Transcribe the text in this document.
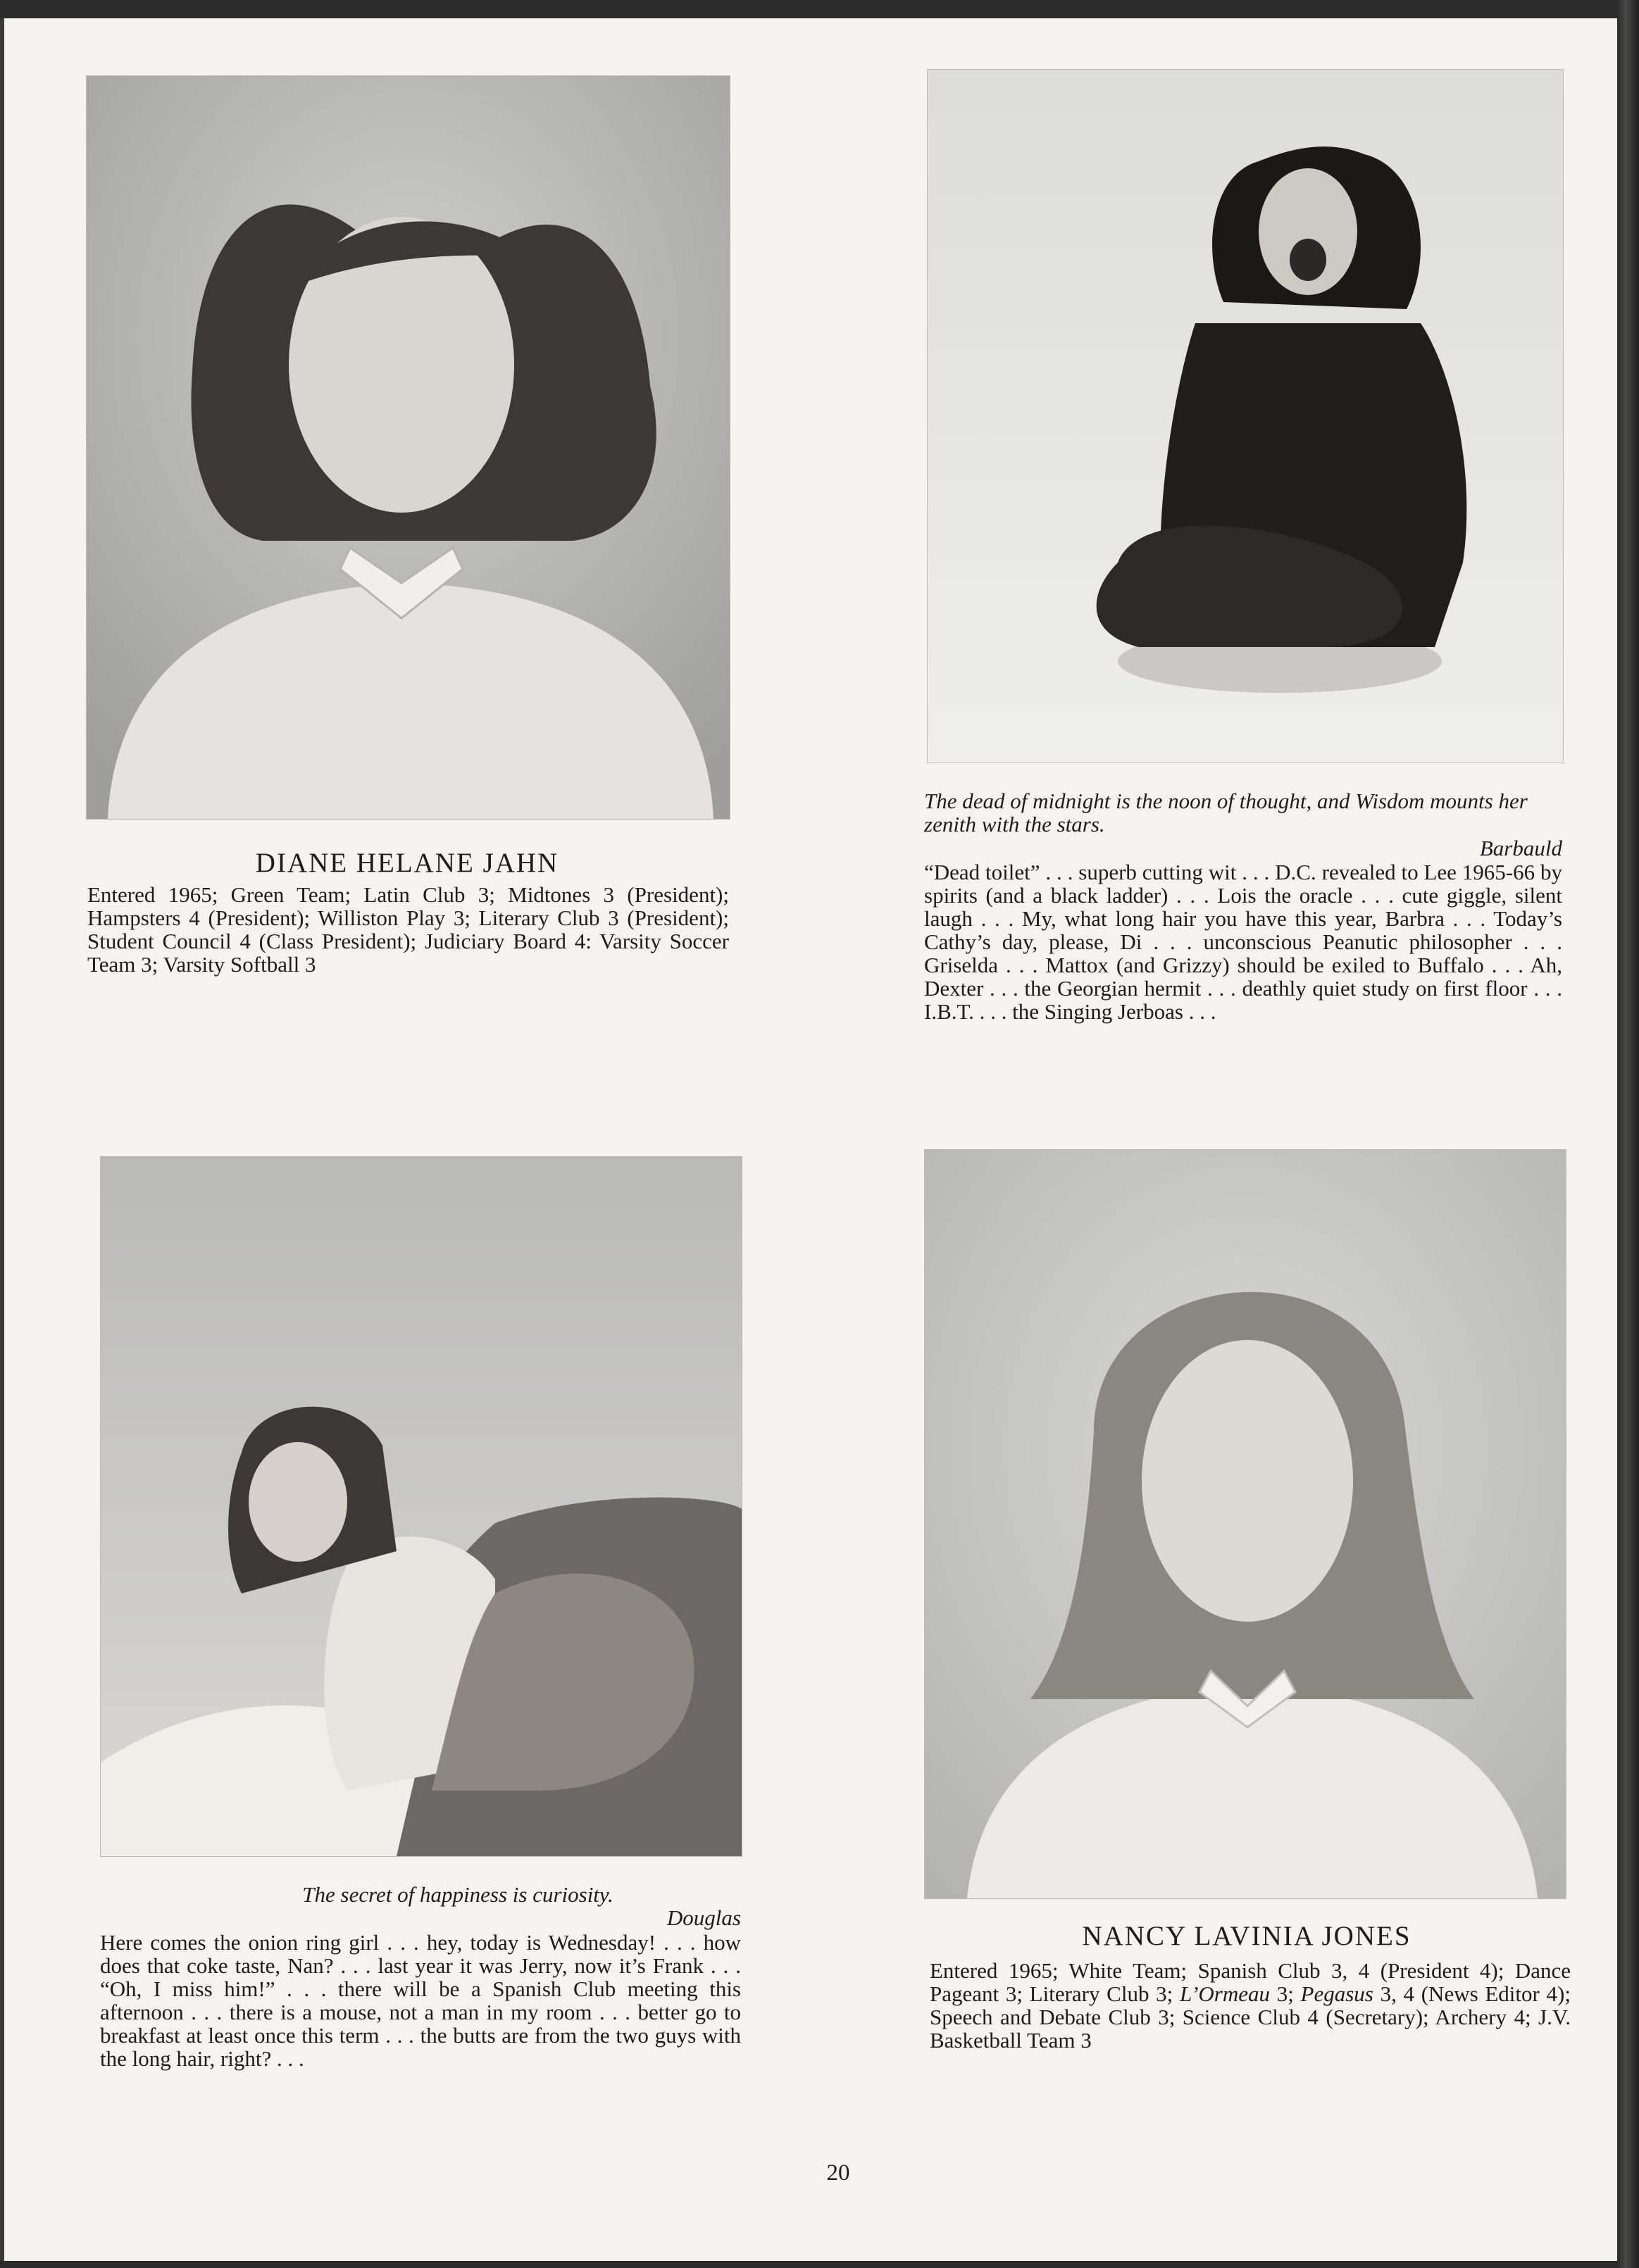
DIANE HELANE JAHN

Entered 1965; Green Team; Latin Club 3; Midtones 3 (President); Hampsters 4 (President); Williston Play 3; Literary Club 3 (President); Student Council 4 (Class President); Judiciary Board 4: Varsity Soccer Team 3; Varsity Softball 3

The dead of midnight is the noon of thought, and Wisdom mounts her zenith with the stars.

Barbauld

“Dead toilet” . . . superb cutting wit . . . D.C. revealed to Lee 1965-66 by spirits (and a black ladder) . . . Lois the oracle . . . cute giggle, silent laugh . . . My, what long hair you have this year, Barbra . . . Today’s Cathy’s day, please, Di . . . unconscious Peanutic philosopher . . . Griselda . . . Mattox (and Grizzy) should be exiled to Buffalo . . . Ah, Dexter . . . the Georgian hermit . . . deathly quiet study on first floor . . . I.B.T. . . . the Singing Jerboas . . .

The secret of happiness is curiosity.

Douglas

Here comes the onion ring girl . . . hey, today is Wednesday! . . . how does that coke taste, Nan? . . . last year it was Jerry, now it’s Frank . . . “Oh, I miss him!” . . . there will be a Spanish Club meeting this afternoon . . . there is a mouse, not a man in my room . . . better go to breakfast at least once this term . . . the butts are from the two guys with the long hair, right? . . .

NANCY LAVINIA JONES

Entered 1965; White Team; Spanish Club 3, 4 (President 4); Dance Pageant 3; Literary Club 3; L’Ormeau 3; Pegasus 3, 4 (News Editor 4); Speech and Debate Club 3; Science Club 4 (Secretary); Archery 4; J.V. Basketball Team 3

20
